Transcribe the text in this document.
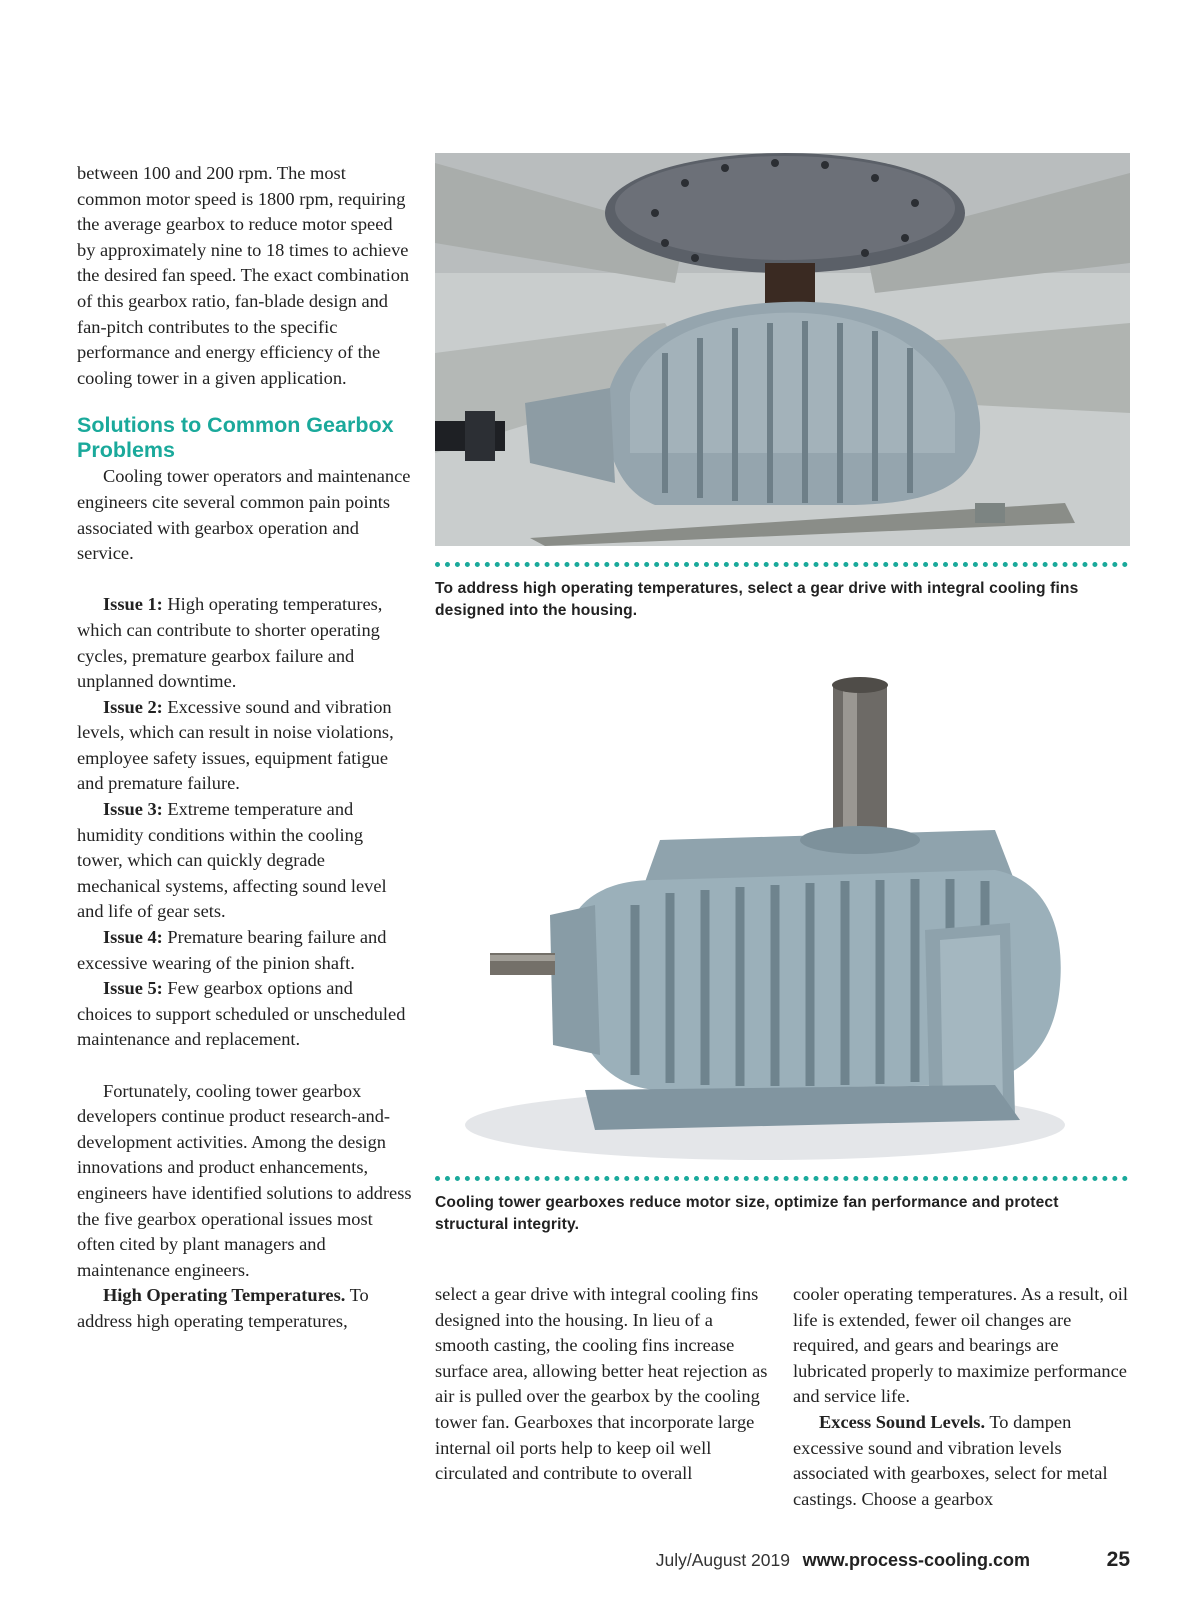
between 100 and 200 rpm. The most common motor speed is 1800 rpm, requiring the average gearbox to reduce motor speed by approximately nine to 18 times to achieve the desired fan speed. The exact combination of this gearbox ratio, fan-blade design and fan-pitch contributes to the specific performance and energy efficiency of the cooling tower in a given application.

Solutions to Common Gearbox Problems

Cooling tower operators and maintenance engineers cite several common pain points associated with gearbox operation and service.

Issue 1: High operating temperatures, which can contribute to shorter operating cycles, premature gearbox failure and unplanned downtime.

Issue 2: Excessive sound and vibration levels, which can result in noise violations, employee safety issues, equipment fatigue and premature failure.

Issue 3: Extreme temperature and humidity conditions within the cooling tower, which can quickly degrade mechanical systems, affecting sound level and life of gear sets.

Issue 4: Premature bearing failure and excessive wearing of the pinion shaft.

Issue 5: Few gearbox options and choices to support scheduled or unscheduled maintenance and replacement.

Fortunately, cooling tower gearbox developers continue product research-and-development activities. Among the design innovations and product enhancements, engineers have identified solutions to address the five gearbox operational issues most often cited by plant managers and maintenance engineers.

High Operating Temperatures. To address high operating temperatures,

To address high operating temperatures, select a gear drive with integral cooling fins designed into the housing.
Cooling tower gearboxes reduce motor size, optimize fan performance and protect structural integrity.

select a gear drive with integral cooling fins designed into the housing. In lieu of a smooth casting, the cooling fins increase surface area, allowing better heat rejection as air is pulled over the gearbox by the cooling tower fan. Gearboxes that incorporate large internal oil ports help to keep oil well circulated and contribute to overall

cooler operating temperatures. As a result, oil life is extended, fewer oil changes are required, and gears and bearings are lubricated properly to maximize performance and service life.

Excess Sound Levels. To dampen excessive sound and vibration levels associated with gearboxes, select for metal castings. Choose a gearbox

July/August 2019 www.process-cooling.com	25
